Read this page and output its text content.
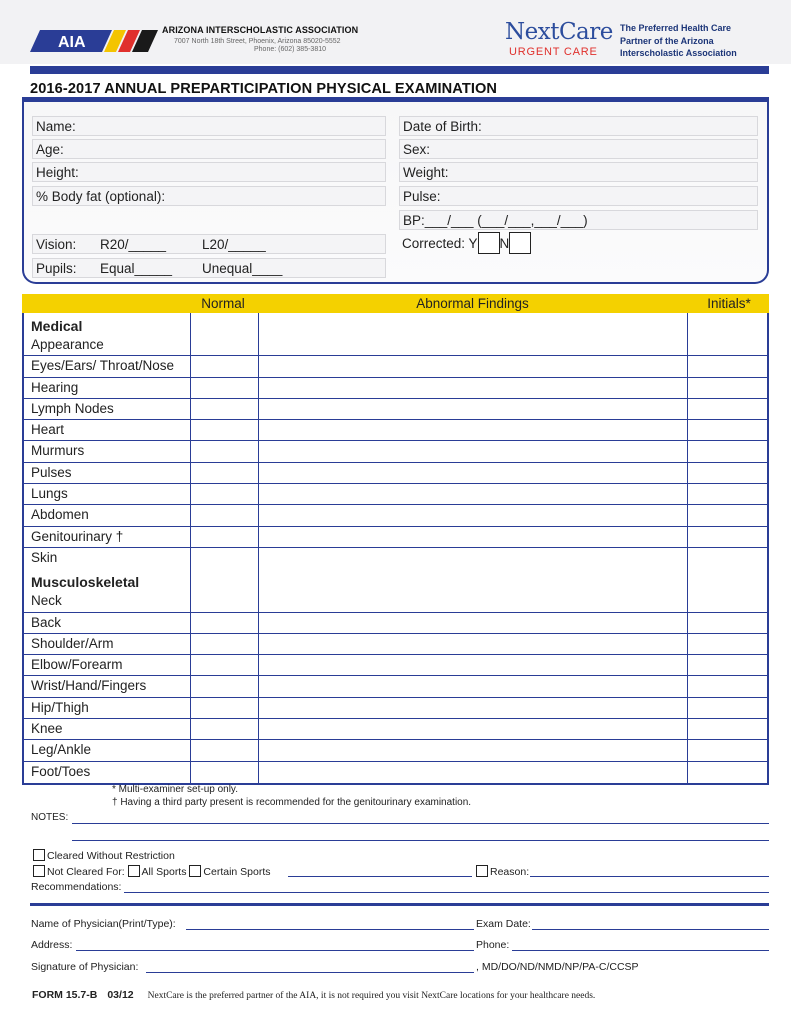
AIA
ARIZONA INTERSCHOLASTIC ASSOCIATION
7007 North 18th Street, Phoenix, Arizona 85020-5552
Phone: (602) 385-3810
NextCare
URGENT CARE
The Preferred Health Care
Partner of the Arizona
Interscholastic Association
2016-2017 ANNUAL PREPARTICIPATION PHYSICAL EXAMINATION
Name:	Date of Birth:
Age:	Sex:
Height:	Weight:
% Body fat (optional):	Pulse:
BP:___/___ (___/___,___/___)
Vision: R20/_____	L20/_____	Corrected: Y N
Pupils: Equal_____ Unequal____
Normal	Abnormal Findings	Initials*
Medical
Appearance
Eyes/Ears/ Throat/Nose
Hearing
Lymph Nodes
Heart
Murmurs
Pulses
Lungs
Abdomen
Genitourinary †
Skin
Musculoskeletal
Neck
Back
Shoulder/Arm
Elbow/Forearm
Wrist/Hand/Fingers
Hip/Thigh
Knee
Leg/Ankle
Foot/Toes
* Multi-examiner set-up only.
† Having a third party present is recommended for the genitourinary examination.
NOTES:
Cleared Without Restriction
Not Cleared For: All Sports Certain Sports	Reason:
Recommendations:
Name of Physician(Print/Type):	Exam Date:
Address:	Phone:
Signature of Physician:	, MD/DO/ND/NMD/NP/PA-C/CCSP
FORM 15.7-B 03/12 NextCare is the preferred partner of the AIA, it is not required you visit NextCare locations for your healthcare needs.
